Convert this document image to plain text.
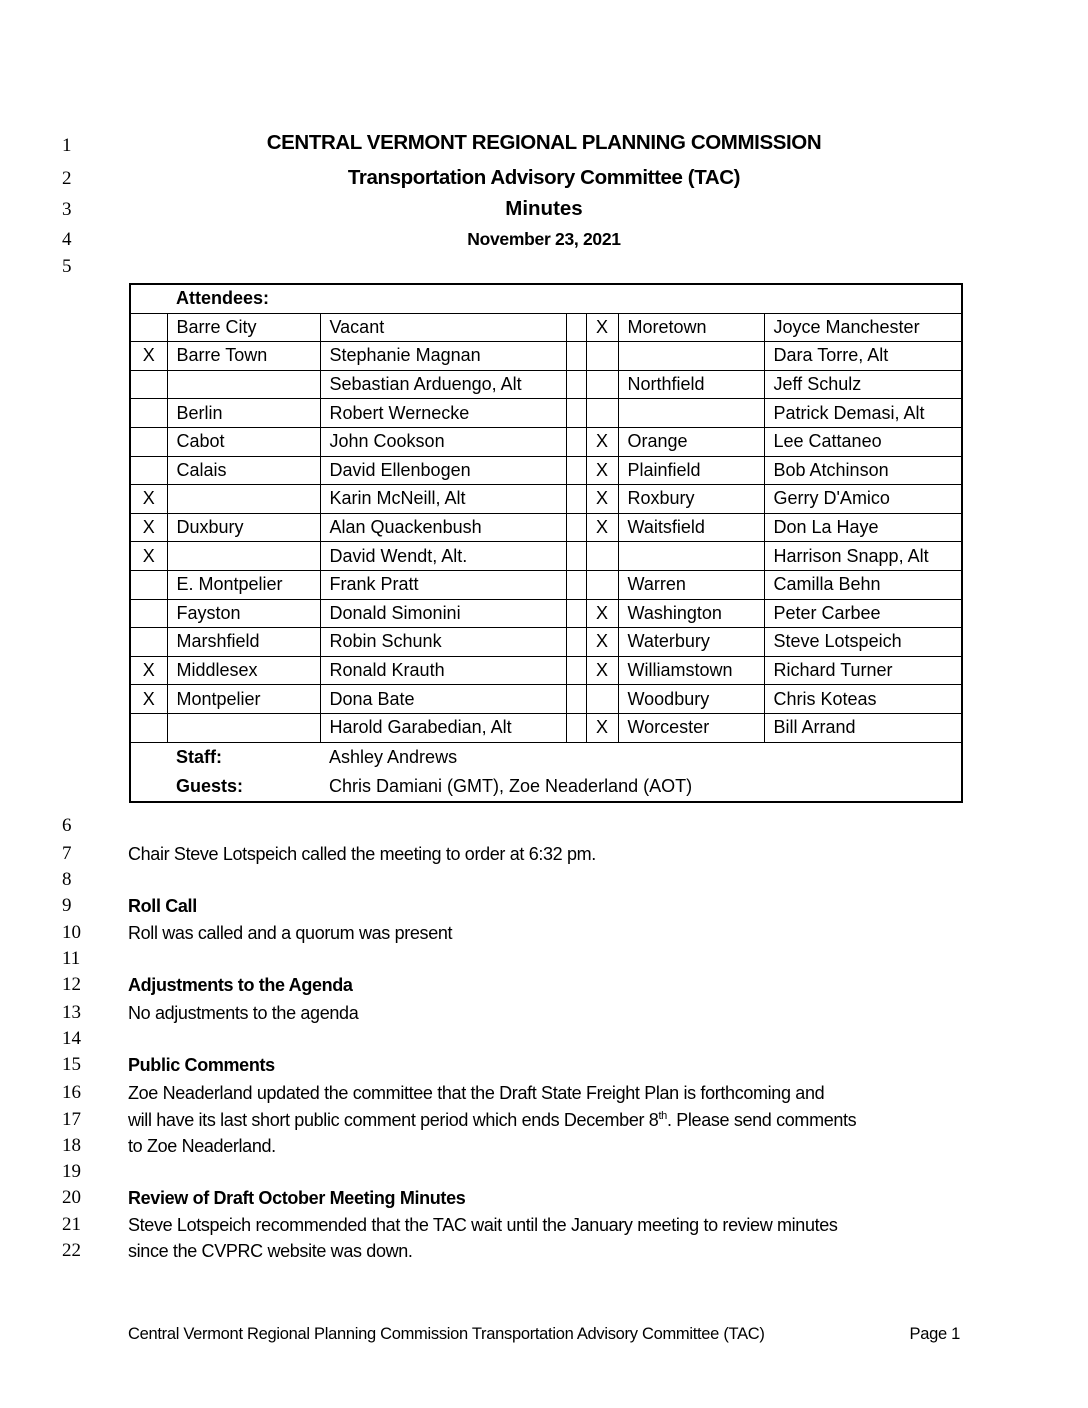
1
2
3
4
5
6
7
8
9
10
11
12
13
14
15
16
17
18
19
20
21
22
CENTRAL VERMONT REGIONAL PLANNING COMMISSION
Transportation Advisory Committee (TAC)
Minutes
November 23, 2021
	Attendees:					
	Barre City	Vacant		X	Moretown	Joyce Manchester
X	Barre Town	Stephanie Magnan				Dara Torre, Alt
		Sebastian Arduengo, Alt			Northfield	Jeff Schulz
	Berlin	Robert Wernecke				Patrick Demasi, Alt
	Cabot	John Cookson		X	Orange	Lee Cattaneo
	Calais	David Ellenbogen		X	Plainfield	Bob Atchinson
X		Karin McNeill, Alt		X	Roxbury	Gerry D'Amico
X	Duxbury	Alan Quackenbush		X	Waitsfield	Don La Haye
X		David Wendt, Alt.				Harrison Snapp, Alt
	E. Montpelier	Frank Pratt			Warren	Camilla Behn
	Fayston	Donald Simonini		X	Washington	Peter Carbee
	Marshfield	Robin Schunk		X	Waterbury	Steve Lotspeich
X	Middlesex	Ronald Krauth		X	Williamstown	Richard Turner
X	Montpelier	Dona Bate			Woodbury	Chris Koteas
		Harold Garabedian, Alt		X	Worcester	Bill Arrand
	Staff:	Ashley Andrews				
	Guests:	Chris Damiani (GMT), Zoe Neaderland (AOT)				
Chair Steve Lotspeich called the meeting to order at 6:32 pm.
Roll Call
Roll was called and a quorum was present
Adjustments to the Agenda
No adjustments to the agenda
Public Comments
Zoe Neaderland updated the committee that the Draft State Freight Plan is forthcoming and
will have its last short public comment period which ends December 8th. Please send comments
to Zoe Neaderland.
Review of Draft October Meeting Minutes
Steve Lotspeich recommended that the TAC wait until the January meeting to review minutes
since the CVPRC website was down.
Central Vermont Regional Planning Commission Transportation Advisory Committee (TAC)	Page 1
